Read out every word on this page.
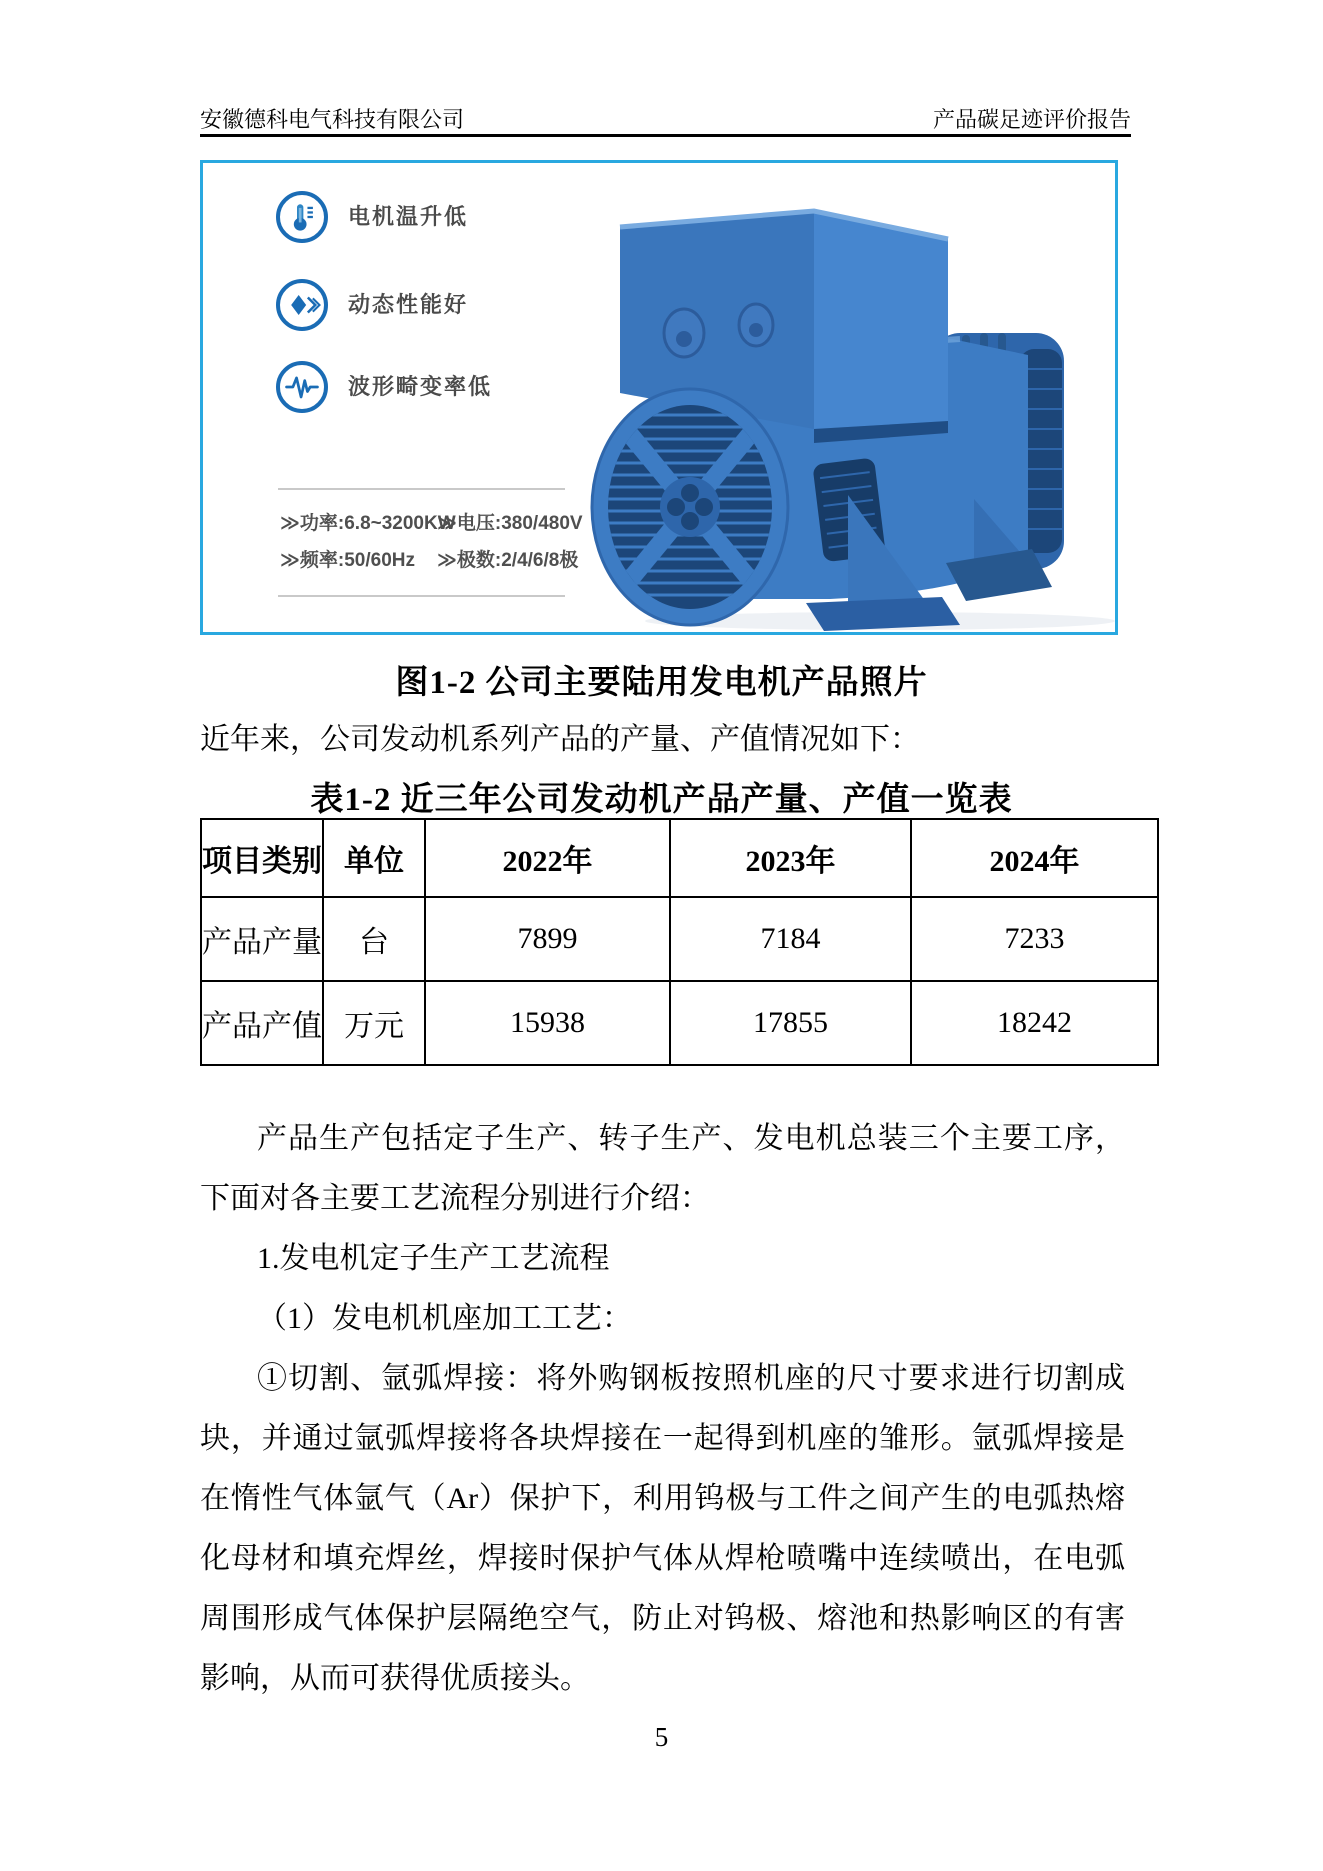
安徽德科电气科技有限公司	产品碳足迹评价报告
电机温升低
动态性能好
波形畸变率低
≫功率:6.8~3200KW
≫电压:380/480V
≫频率:50/60Hz ≫极数:2/4/6/8极
图1-2 公司主要陆用发电机产品照片
近年来，公司发动机系列产品的产量、产值情况如下：
表1-2 近三年公司发动机产品产量、产值一览表
项目类别	单位	2022年	2023年	2024年
产品产量	台	7899	7184	7233
产品产值	万元	15938	17855	18242
产品生产包括定子生产、转子生产、发电机总装三个主要工序，
下面对各主要工艺流程分别进行介绍：
1.发电机定子生产工艺流程
（1）发电机机座加工工艺：
①切割、氩弧焊接：将外购钢板按照机座的尺寸要求进行切割成
块，并通过氩弧焊接将各块焊接在一起得到机座的雏形。氩弧焊接是
在惰性气体氩气（Ar）保护下，利用钨极与工件之间产生的电弧热熔
化母材和填充焊丝，焊接时保护气体从焊枪喷嘴中连续喷出，在电弧
周围形成气体保护层隔绝空气，防止对钨极、熔池和热影响区的有害
影响，从而可获得优质接头。
5
